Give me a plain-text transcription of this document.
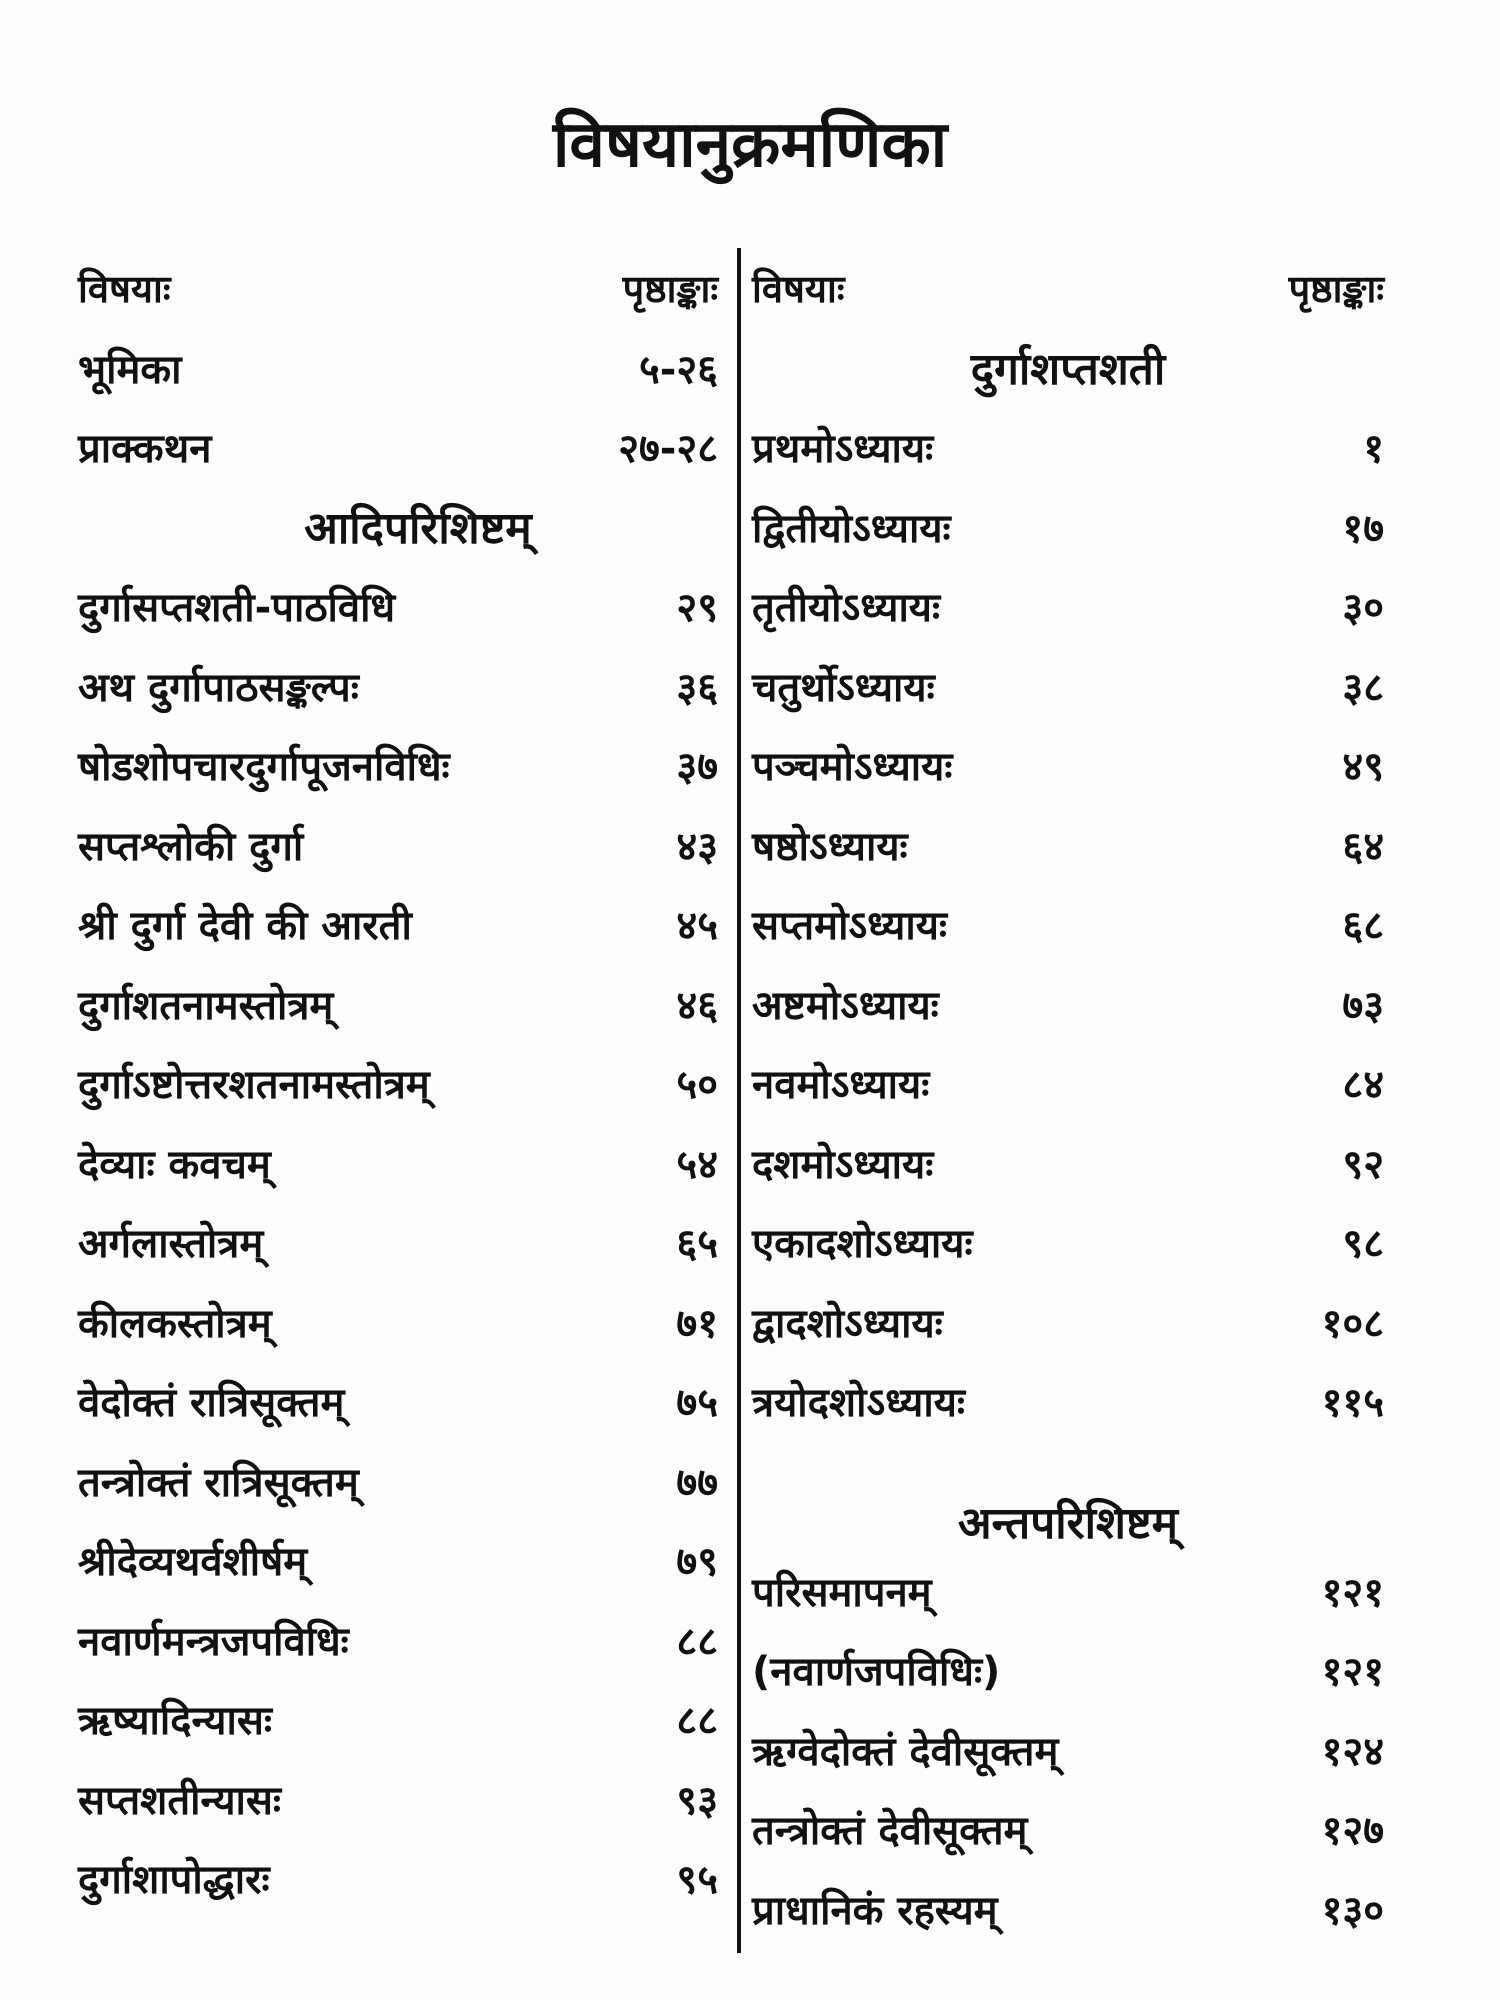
विषयानुक्रमणिका
विषयाः	पृष्ठाङ्काः
भूमिका	५-२६
प्राक्कथन	२७-२८
आदिपरिशिष्टम्
दुर्गासप्तशती-पाठविधि	२९
अथ दुर्गापाठसङ्कल्पः	३६
षोडशोपचारदुर्गापूजनविधिः	३७
सप्तश्लोकी दुर्गा	४३
श्री दुर्गा देवी की आरती	४५
दुर्गाशतनामस्तोत्रम्	४६
दुर्गाऽष्टोत्तरशतनामस्तोत्रम्	५०
देव्याः कवचम्	५४
अर्गलास्तोत्रम्	६५
कीलकस्तोत्रम्	७१
वेदोक्तं रात्रिसूक्तम्	७५
तन्त्रोक्तं रात्रिसूक्तम्	७७
श्रीदेव्यथर्वशीर्षम्	७९
नवार्णमन्त्रजपविधिः	८८
ऋष्यादिन्यासः	८८
सप्तशतीन्यासः	९३
दुर्गाशापोद्धारः	९५
विषयाः	पृष्ठाङ्काः
दुर्गाशप्तशती
प्रथमोऽध्यायः	१
द्वितीयोऽध्यायः	१७
तृतीयोऽध्यायः	३०
चतुर्थोऽध्यायः	३८
पञ्चमोऽध्यायः	४९
षष्ठोऽध्यायः	६४
सप्तमोऽध्यायः	६८
अष्टमोऽध्यायः	७३
नवमोऽध्यायः	८४
दशमोऽध्यायः	९२
एकादशोऽध्यायः	९८
द्वादशोऽध्यायः	१०८
त्रयोदशोऽध्यायः	११५
अन्तपरिशिष्टम्
परिसमापनम्	१२१
(नवार्णजपविधिः)	१२१
ऋग्वेदोक्तं देवीसूक्तम्	१२४
तन्त्रोक्तं देवीसूक्तम्	१२७
प्राधानिकं रहस्यम्	१३०
